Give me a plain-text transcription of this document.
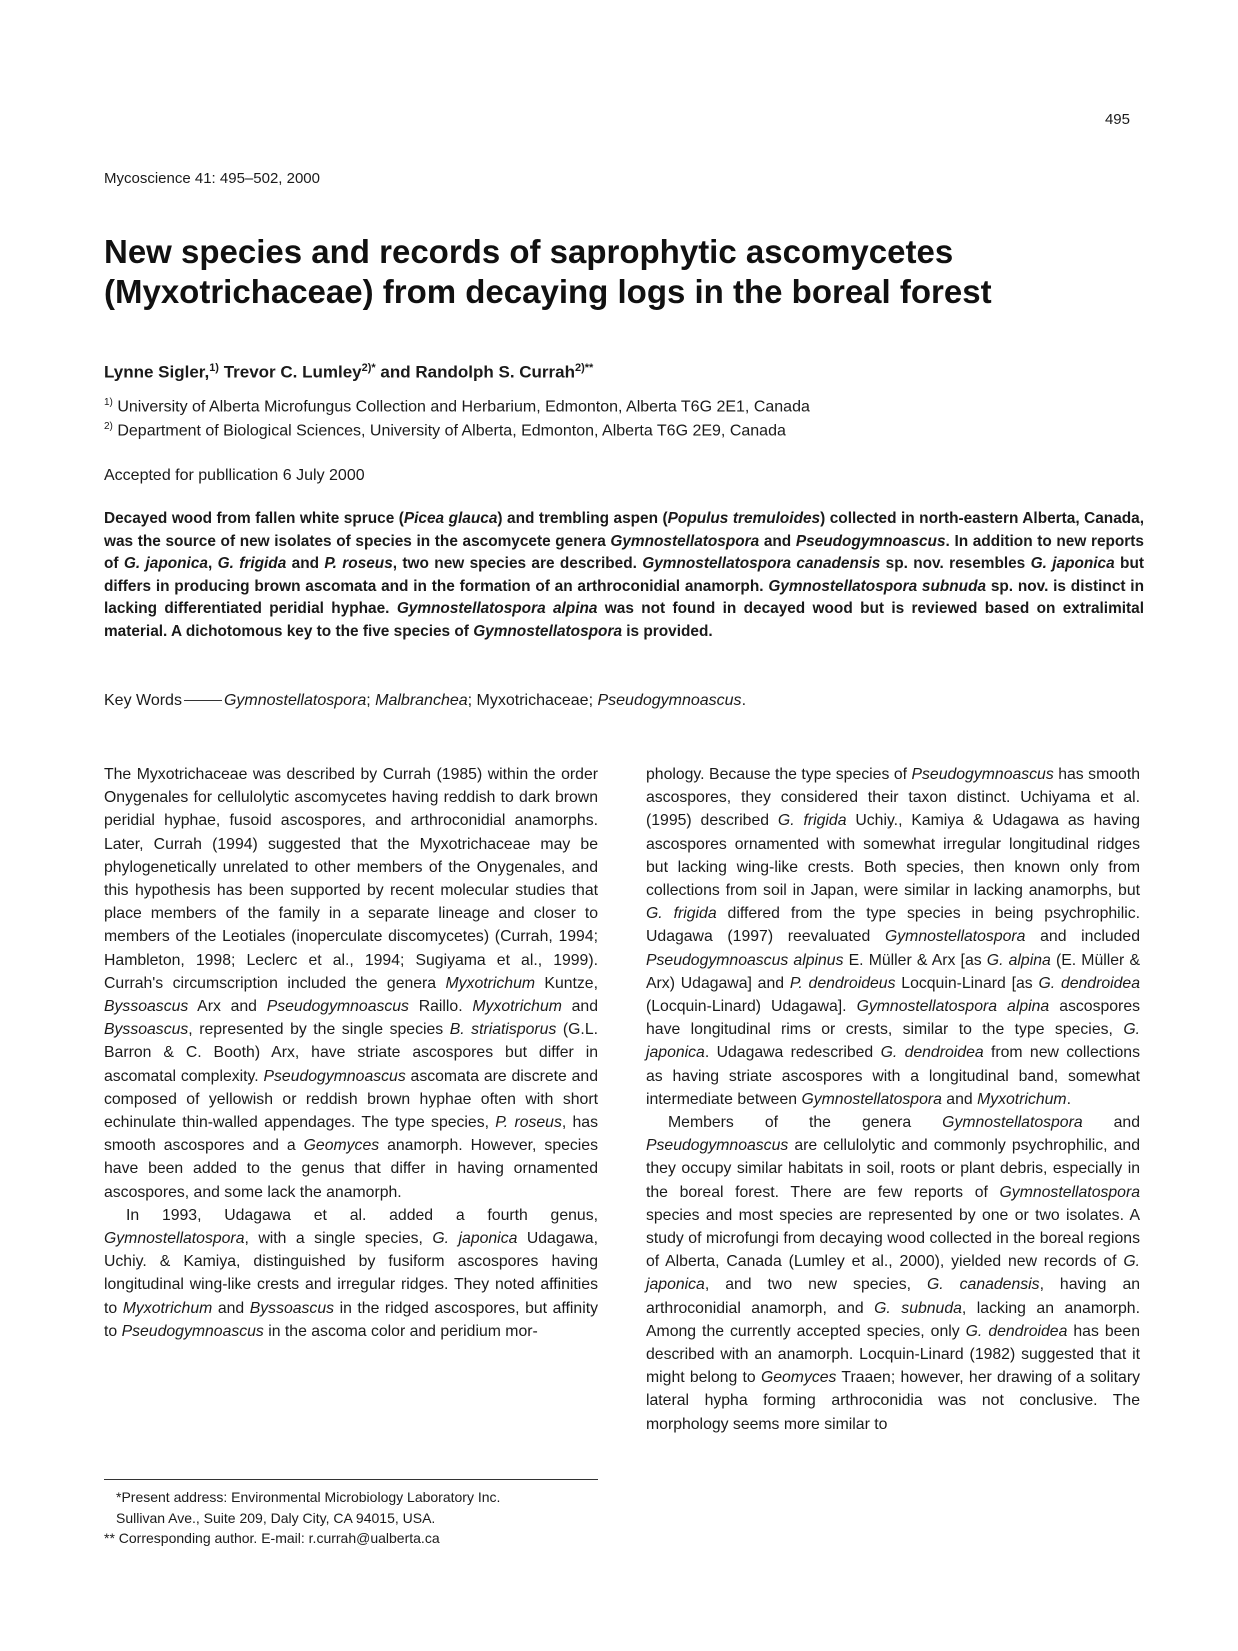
495
Mycoscience 41: 495–502, 2000
New species and records of saprophytic ascomycetes
(Myxotrichaceae) from decaying logs in the boreal forest
Lynne Sigler,$^{1)}$ Trevor C. Lumley$^{2)*}$ and Randolph S. Currah$^{2)**}$
$^{1)}$ University of Alberta Microfungus Collection and Herbarium, Edmonton, Alberta T6G 2E1, Canada
$^{2)}$ Department of Biological Sciences, University of Alberta, Edmonton, Alberta T6G 2E9, Canada
Accepted for publlication 6 July 2000

Decayed wood from fallen white spruce (Picea glauca) and trembling aspen (Populus tremuloides) collected in north-eastern Alberta, Canada, was the source of new isolates of species in the ascomycete genera Gymnostellatospora and Pseudogymnoascus. In addition to new reports of G. japonica, G. frigida and P. roseus, two new species are described. Gymnostellatospora canadensis sp. nov. resembles G. japonica but differs in producing brown ascomata and in the formation of an arthroconidial anamorph. Gymnostellatospora subnuda sp. nov. is distinct in lacking differentiated peridial hyphae. Gymnostellatospora alpina was not found in decayed wood but is reviewed based on extralimital material. A dichotomous key to the five species of Gymnostellatospora is provided.

Key Words	Gymnostellatospora; Malbranchea; Myxotrichaceae; Pseudogymnoascus.

The Myxotrichaceae was described by Currah (1985) within the order Onygenales for cellulolytic ascomycetes having reddish to dark brown peridial hyphae, fusoid ascospores, and arthroconidial anamorphs. Later, Currah (1994) suggested that the Myxotrichaceae may be phylogenetically unrelated to other members of the Onygenales, and this hypothesis has been supported by recent molecular studies that place members of the family in a separate lineage and closer to members of the Leotiales (inoperculate discomycetes) (Currah, 1994; Hambleton, 1998; Leclerc et al., 1994; Sugiyama et al., 1999). Currah's circumscription included the genera Myxotrichum Kuntze, Byssoascus Arx and Pseudogymnoascus Raillo. Myxotrichum and Byssoascus, represented by the single species B. striatisporus (G.L. Barron & C. Booth) Arx, have striate ascospores but differ in ascomatal complexity. Pseudogymnoascus ascomata are discrete and composed of yellowish or reddish brown hyphae often with short echinulate thin-walled appendages. The type species, P. roseus, has smooth ascospores and a Geomyces anamorph. However, species have been added to the genus that differ in having ornamented ascospores, and some lack the anamorph.

In 1993, Udagawa et al. added a fourth genus, Gymnostellatospora, with a single species, G. japonica Udagawa, Uchiy. & Kamiya, distinguished by fusiform ascospores having longitudinal wing-like crests and irregular ridges. They noted affinities to Myxotrichum and Byssoascus in the ridged ascospores, but affinity to Pseudogymnoascus in the ascoma color and peridium mor-

phology. Because the type species of Pseudogymnoascus has smooth ascospores, they considered their taxon distinct. Uchiyama et al. (1995) described G. frigida Uchiy., Kamiya & Udagawa as having ascospores ornamented with somewhat irregular longitudinal ridges but lacking wing-like crests. Both species, then known only from collections from soil in Japan, were similar in lacking anamorphs, but G. frigida differed from the type species in being psychrophilic. Udagawa (1997) reevaluated Gymnostellatospora and included Pseudogymnoascus alpinus E. Müller & Arx [as G. alpina (E. Müller & Arx) Udagawa] and P. dendroideus Locquin-Linard [as G. dendroidea (Locquin-Linard) Udagawa]. Gymnostellatospora alpina ascospores have longitudinal rims or crests, similar to the type species, G. japonica. Udagawa redescribed G. dendroidea from new collections as having striate ascospores with a longitudinal band, somewhat intermediate between Gymnostellatospora and Myxotrichum.

Members of the genera Gymnostellatospora and Pseudogymnoascus are cellulolytic and commonly psychrophilic, and they occupy similar habitats in soil, roots or plant debris, especially in the boreal forest. There are few reports of Gymnostellatospora species and most species are represented by one or two isolates. A study of microfungi from decaying wood collected in the boreal regions of Alberta, Canada (Lumley et al., 2000), yielded new records of G. japonica, and two new species, G. canadensis, having an arthroconidial anamorph, and G. subnuda, lacking an anamorph. Among the currently accepted species, only G. dendroidea has been described with an anamorph. Locquin-Linard (1982) suggested that it might belong to Geomyces Traaen; however, her drawing of a solitary lateral hypha forming arthroconidia was not conclusive. The morphology seems more similar to

*Present address: Environmental Microbiology Laboratory Inc.
Sullivan Ave., Suite 209, Daly City, CA 94015, USA.
** Corresponding author. E-mail: r.currah@ualberta.ca
